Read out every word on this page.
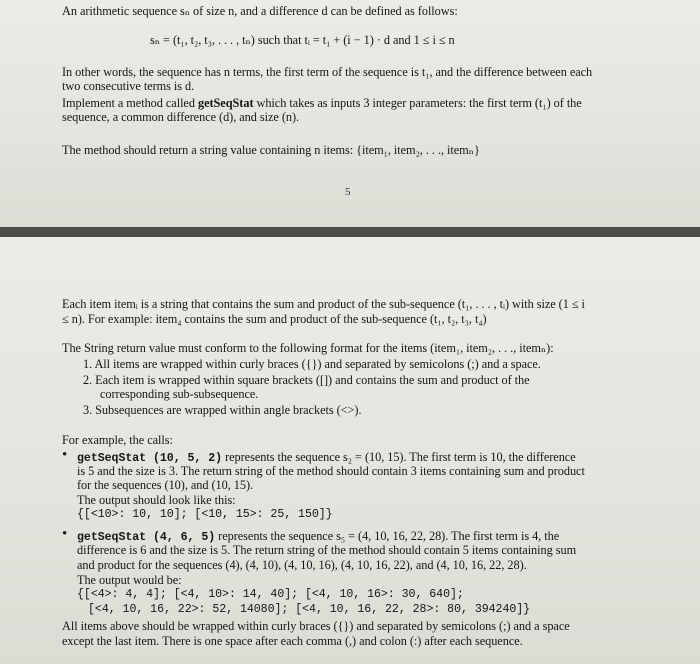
An arithmetic sequence sₙ of size n, and a difference d can be defined as follows:
sₙ = (t₁, t₂, t₃, . . . , tₙ) such that tᵢ = t₁ + (i − 1) · d and 1 ≤ i ≤ n
In other words, the sequence has n terms, the first term of the sequence is t₁, and the difference between each
two consecutive terms is d.
Implement a method called getSeqStat which takes as inputs 3 integer parameters: the first term (t₁) of the
sequence, a common difference (d), and size (n).
The method should return a string value containing n items: {item₁, item₂, . . ., itemₙ}
5
Each item itemᵢ is a string that contains the sum and product of the sub-sequence (t₁, . . . , tᵢ) with size (1 ≤ i
≤ n). For example: item₄ contains the sum and product of the sub-sequence (t₁, t₂, t₃, t₄)
The String return value must conform to the following format for the items (item₁, item₂, . . ., itemₙ):
1. All items are wrapped within curly braces ({}) and separated by semicolons (;) and a space.
2. Each item is wrapped within square brackets ([]) and contains the sum and product of the
corresponding sub-subsequence.
3. Subsequences are wrapped within angle brackets (<>).
For example, the calls:
• getSeqStat (10, 5, 2) represents the sequence s₂ = (10, 15). The first term is 10, the difference
is 5 and the size is 3. The return string of the method should contain 3 items containing sum and product
for the sequences (10), and (10, 15).
The output should look like this:
{[<10>: 10, 10]; [<10, 15>: 25, 150]}
• getSeqStat (4, 6, 5) represents the sequence s₅ = (4, 10, 16, 22, 28). The first term is 4, the
difference is 6 and the size is 5. The return string of the method should contain 5 items containing sum
and product for the sequences (4), (4, 10), (4, 10, 16), (4, 10, 16, 22), and (4, 10, 16, 22, 28).
The output would be:
{[<4>: 4, 4]; [<4, 10>: 14, 40]; [<4, 10, 16>: 30, 640];
[<4, 10, 16, 22>: 52, 14080]; [<4, 10, 16, 22, 28>: 80, 394240]}
All items above should be wrapped within curly braces ({}) and separated by semicolons (;) and a space
except the last item. There is one space after each comma (,) and colon (:) after each sequence.
